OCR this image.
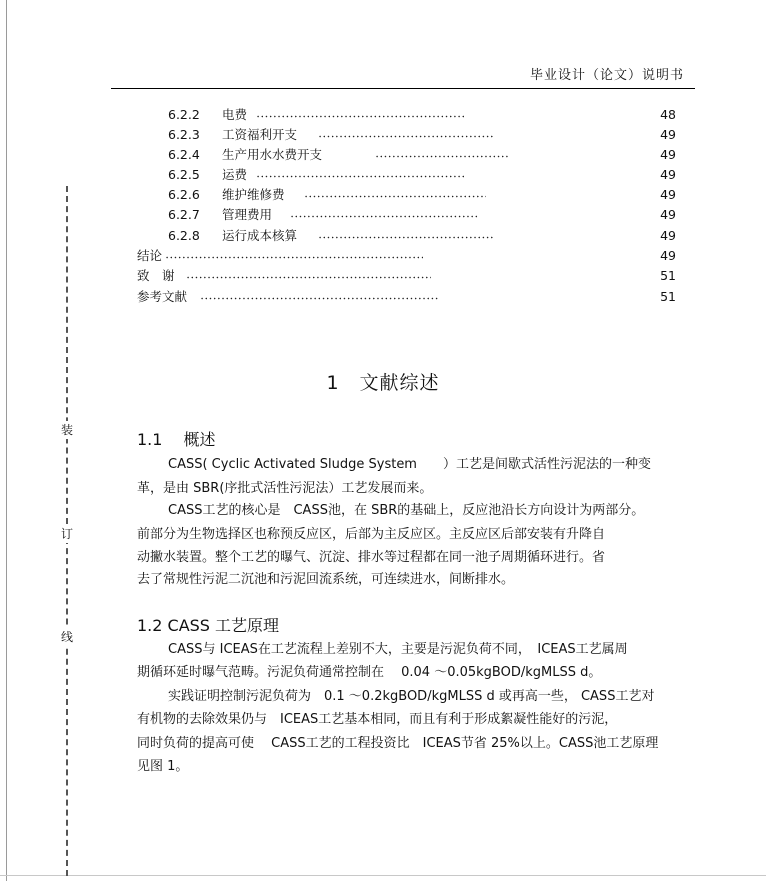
装
订
线
毕业设计（论文）说明书
6.2.2 电费	48
6.2.3 工资福利开支	49
6.2.4 生产用水水费开支	49
6.2.5 运费	49
6.2.6 维护维修费	49
6.2.7 管理费用	49
6.2.8 运行成本核算	49
结论	49
致　谢	51
参考文献	51
1　文献综述
1.1　 概述
CASS( Cyclic Activated Sludge System　　）工艺是间歇式活性污泥法的一种变
革，是由 SBR(序批式活性污泥法）工艺发展而来。
CASS工艺的核心是　CASS池，在 SBR的基础上，反应池沿长方向设计为两部分。
前部分为生物选择区也称预反应区，后部为主反应区。主反应区后部安装有升降自
动撇水装置。整个工艺的曝气、沉淀、排水等过程都在同一池子周期循环进行。省
去了常规性污泥二沉池和污泥回流系统，可连续进水，间断排水。
1.2 CASS 工艺原理
CASS与 ICEAS在工艺流程上差别不大，主要是污泥负荷不同，　ICEAS工艺属周
期循环延时曝气范畴。污泥负荷通常控制在　 0.04 ～0.05kgBOD/kgMLSS d。
实践证明控制污泥负荷为　0.1 ～0.2kgBOD/kgMLSS d 或再高一些， CASS工艺对
有机物的去除效果仍与　ICEAS工艺基本相同，而且有利于形成絮凝性能好的污泥，
同时负荷的提高可使　 CASS工艺的工程投资比　ICEAS节省 25%以上。CASS池工艺原理
见图 1。
